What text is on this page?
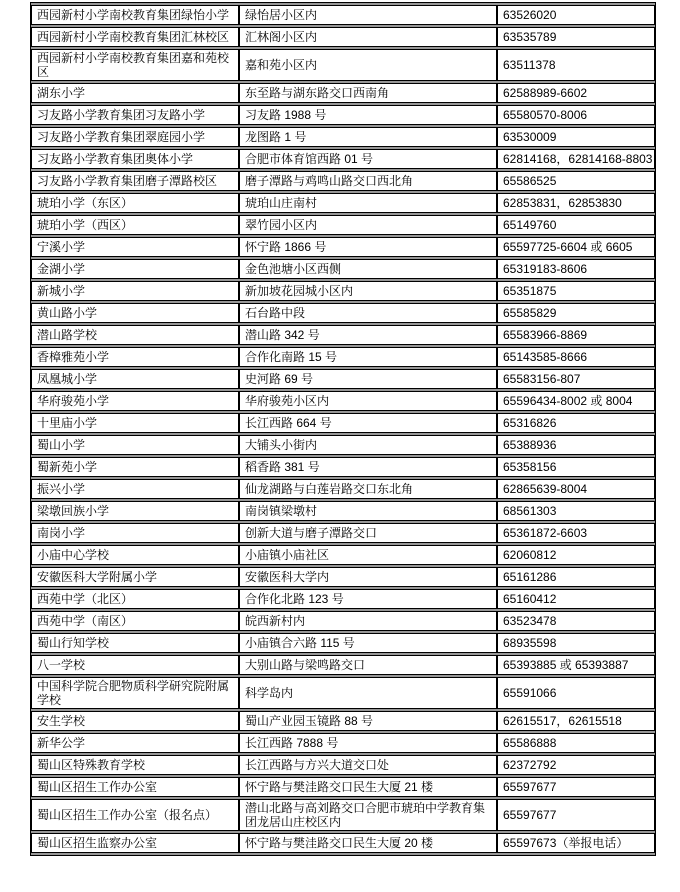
西园新村小学南校教育集团绿怡小学	绿怡居小区内	63526020
西园新村小学南校教育集团汇林校区	汇林阁小区内	63535789
西园新村小学南校教育集团嘉和苑校区	嘉和苑小区内	63511378
湖东小学	东至路与湖东路交口西南角	62588989-6602
习友路小学教育集团习友路小学	习友路 1988 号	65580570-8006
习友路小学教育集团翠庭园小学	龙图路 1 号	63530009
习友路小学教育集团奥体小学	合肥市体育馆西路 01 号	62814168，62814168-8803
习友路小学教育集团磨子潭路校区	磨子潭路与鸡鸣山路交口西北角	65586525
琥珀小学（东区）	琥珀山庄南村	62853831，62853830
琥珀小学（西区）	翠竹园小区内	65149760
宁溪小学	怀宁路 1866 号	65597725-6604 或 6605
金湖小学	金色池塘小区西侧	65319183-8606
新城小学	新加坡花园城小区内	65351875
黄山路小学	石台路中段	65585829
潜山路学校	潜山路 342 号	65583966-8869
香樟雅苑小学	合作化南路 15 号	65143585-8666
凤凰城小学	史河路 69 号	65583156-807
华府骏苑小学	华府骏苑小区内	65596434-8002 或 8004
十里庙小学	长江西路 664 号	65316826
蜀山小学	大铺头小街内	65388936
蜀新苑小学	稻香路 381 号	65358156
振兴小学	仙龙湖路与白莲岩路交口东北角	62865639-8004
梁墩回族小学	南岗镇梁墩村	68561303
南岗小学	创新大道与磨子潭路交口	65361872-6603
小庙中心学校	小庙镇小庙社区	62060812
安徽医科大学附属小学	安徽医科大学内	65161286
西苑中学（北区）	合作化北路 123 号	65160412
西苑中学（南区）	皖西新村内	63523478
蜀山行知学校	小庙镇合六路 115 号	68935598
八一学校	大别山路与梁鸣路交口	65393885 或 65393887
中国科学院合肥物质科学研究院附属学校	科学岛内	65591066
安生学校	蜀山产业园玉镜路 88 号	62615517，62615518
新华公学	长江西路 7888 号	65586888
蜀山区特殊教育学校	长江西路与方兴大道交口处	62372792
蜀山区招生工作办公室	怀宁路与樊洼路交口民生大厦 21 楼	65597677
蜀山区招生工作办公室（报名点）	潜山北路与高刘路交口合肥市琥珀中学教育集团龙居山庄校区内	65597677
蜀山区招生监察办公室	怀宁路与樊洼路交口民生大厦 20 楼	65597673（举报电话）
